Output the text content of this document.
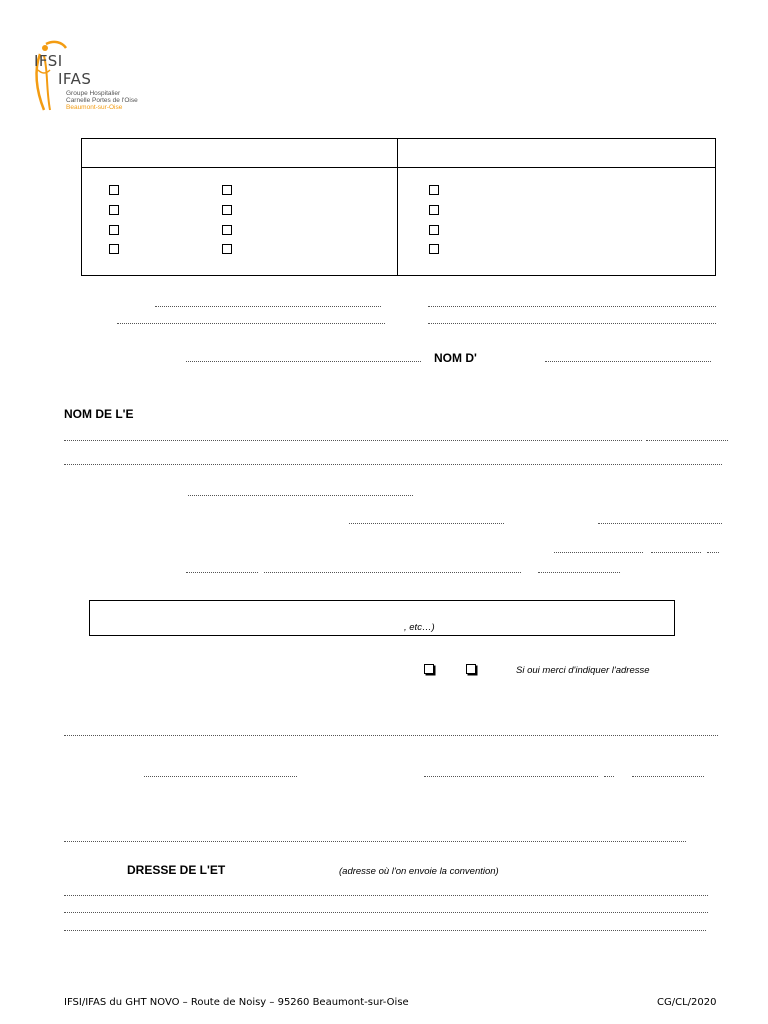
IFSI
IFAS
Groupe Hospitalier
Carnelle Portes de l'Oise
Beaumont-sur-Oise
NOM D'
NOM DE L'E
, etc…)
Si oui merci d'indiquer l'adresse
DRESSE DE L'ET	(adresse où l'on envoie la convention)
IFSI/IFAS du GHT NOVO – Route de Noisy – 95260 Beaumont-sur-Oise	CG/CL/2020
